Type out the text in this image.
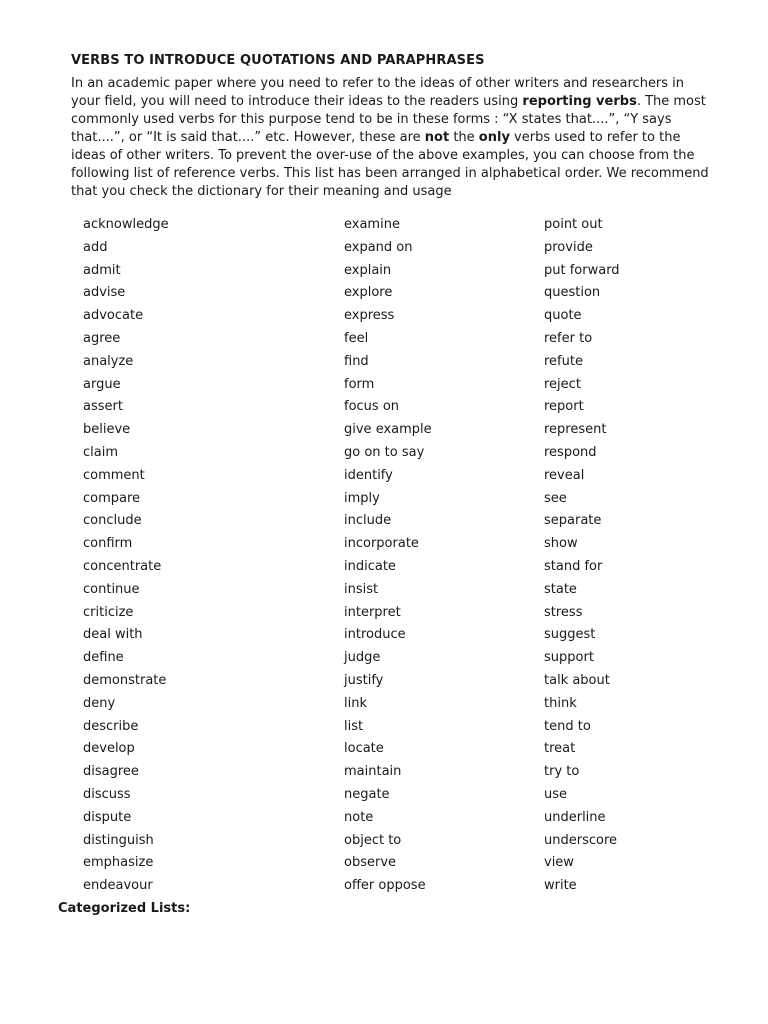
VERBS TO INTRODUCE QUOTATIONS AND PARAPHRASES
In an academic paper where you need to refer to the ideas of other writers and researchers in your field, you will need to introduce their ideas to the readers using reporting verbs. The most commonly used verbs for this purpose tend to be in these forms : “X states that....”, “Y says that....”, or “It is said that....” etc. However, these are not the only verbs used to refer to the ideas of other writers. To prevent the over-use of the above examples, you can choose from the following list of reference verbs. This list has been arranged in alphabetical order. We recommend that you check the dictionary for their meaning and usage
acknowledge
add
admit
advise
advocate
agree
analyze
argue
assert
believe
claim
comment
compare
conclude
confirm
concentrate
continue
criticize
deal with
define
demonstrate
deny
describe
develop
disagree
discuss
dispute
distinguish
emphasize
endeavour
examine
expand on
explain
explore
express
feel
find
form
focus on
give example
go on to say
identify
imply
include
incorporate
indicate
insist
interpret
introduce
judge
justify
link
list
locate
maintain
negate
note
object to
observe
offer oppose
point out
provide
put forward
question
quote
refer to
refute
reject
report
represent
respond
reveal
see
separate
show
stand for
state
stress
suggest
support
talk about
think
tend to
treat
try to
use
underline
underscore
view
write
Categorized Lists:
